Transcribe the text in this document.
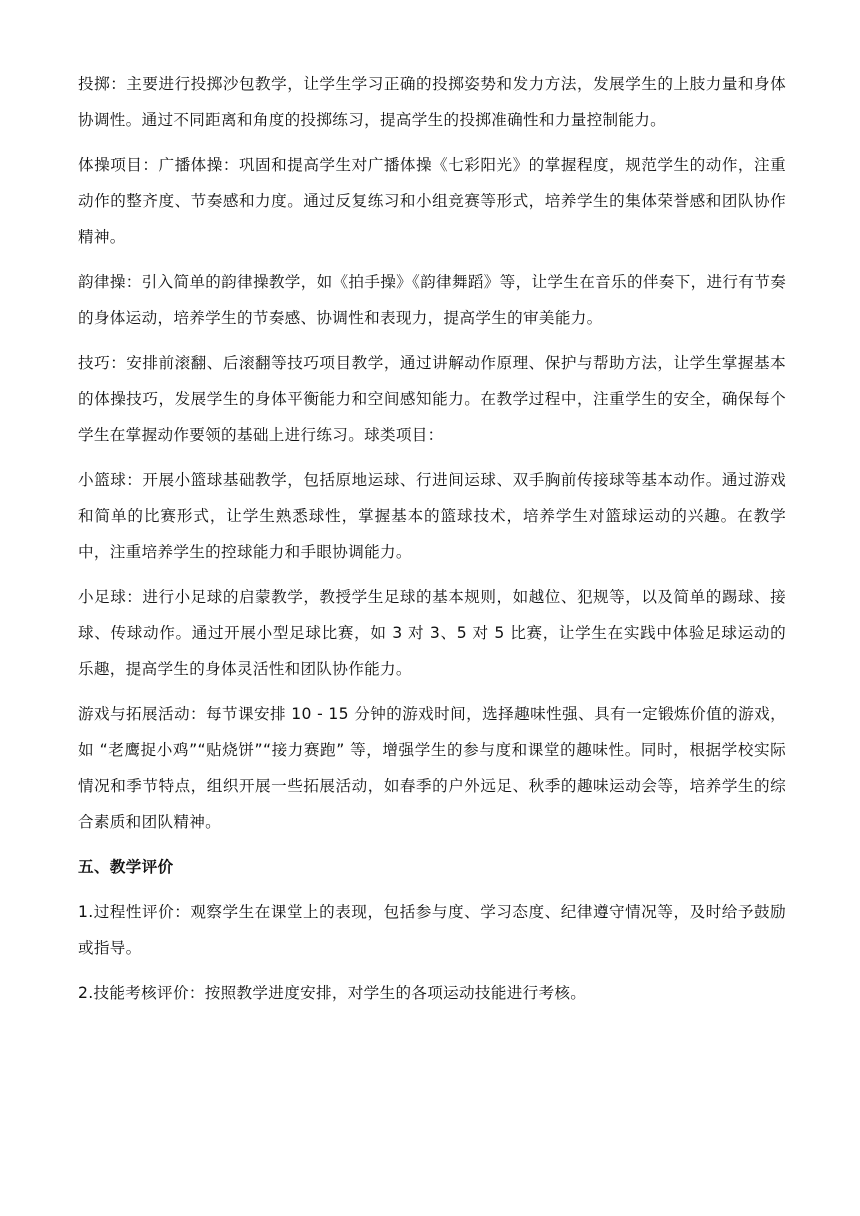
投掷：主要进行投掷沙包教学，让学生学习正确的投掷姿势和发力方法，发展学生的上肢力量和身体协调性。通过不同距离和角度的投掷练习，提高学生的投掷准确性和力量控制能力。

体操项目：广播体操：巩固和提高学生对广播体操《七彩阳光》的掌握程度，规范学生的动作，注重动作的整齐度、节奏感和力度。通过反复练习和小组竞赛等形式，培养学生的集体荣誉感和团队协作精神。

韵律操：引入简单的韵律操教学，如《拍手操》《韵律舞蹈》等，让学生在音乐的伴奏下，进行有节奏的身体运动，培养学生的节奏感、协调性和表现力，提高学生的审美能力。

技巧：安排前滚翻、后滚翻等技巧项目教学，通过讲解动作原理、保护与帮助方法，让学生掌握基本的体操技巧，发展学生的身体平衡能力和空间感知能力。在教学过程中，注重学生的安全，确保每个学生在掌握动作要领的基础上进行练习。球类项目：

小篮球：开展小篮球基础教学，包括原地运球、行进间运球、双手胸前传接球等基本动作。通过游戏和简单的比赛形式，让学生熟悉球性，掌握基本的篮球技术，培养学生对篮球运动的兴趣。在教学中，注重培养学生的控球能力和手眼协调能力。

小足球：进行小足球的启蒙教学，教授学生足球的基本规则，如越位、犯规等，以及简单的踢球、接球、传球动作。通过开展小型足球比赛，如 3 对 3、5 对 5 比赛，让学生在实践中体验足球运动的乐趣，提高学生的身体灵活性和团队协作能力。

游戏与拓展活动：每节课安排 10 - 15 分钟的游戏时间，选择趣味性强、具有一定锻炼价值的游戏，如 “老鹰捉小鸡”“贴烧饼”“接力赛跑” 等，增强学生的参与度和课堂的趣味性。同时，根据学校实际情况和季节特点，组织开展一些拓展活动，如春季的户外远足、秋季的趣味运动会等，培养学生的综合素质和团队精神。

五、教学评价

1.过程性评价：观察学生在课堂上的表现，包括参与度、学习态度、纪律遵守情况等，及时给予鼓励或指导。

2.技能考核评价：按照教学进度安排，对学生的各项运动技能进行考核。
